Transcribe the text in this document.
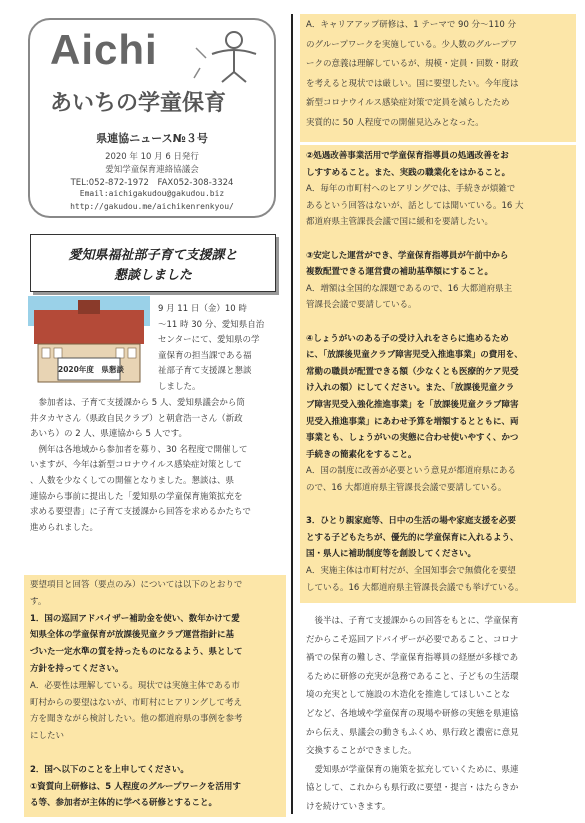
Aichi
あいちの学童保育
県連協ニュース№３号
2020 年 10 月 6 日発行
愛知学童保育連絡協議会
TEL:052-872-1972　FAX052-308-3324
Email:aichigakudou@gakudou.biz
http://gakudou.me/aichikenrenkyou/
愛知県福祉部子育て支援課と
懇談しました
2020年度　県懇談
9 月 11 日（金）10 時
～11 時 30 分、愛知県自治
センターにて、愛知県の学
童保育の担当課である福
祉部子育て支援課と懇談
しました。
　参加者は、子育て支援課から 5 人、愛知県議会から筒
井タカヤさん（県政自民クラブ）と朝倉浩一さん（新政
あいち）の 2 人、県連協から 5 人です。
　例年は各地域から参加者を募り、30 名程度で開催して
いますが、今年は新型コロナウイルス感染症対策として
、人数を少なくしての開催となりました。懇談は、県
連協から事前に提出した「愛知県の学童保育施策拡充を
求める要望書」に子育て支援課から回答を求めるかたちで
進められました。
要望項目と回答（要点のみ）については以下のとおりで
す。
1．国の巡回アドバイザー補助金を使い、数年かけて愛
知県全体の学童保育が放課後児童クラブ運営指針に基
づいた一定水準の質を持ったものになるよう、県として
方針を持ってください。
A．必要性は理解している。現状では実施主体である市
町村からの要望はないが、市町村にヒアリングして考え
方を聞きながら検討したい。他の都道府県の事例を参考
にしたい
2．国へ以下のことを上申してください。
①資質向上研修は、5 人程度のグループワークを活用す
る等、参加者が主体的に学べる研修とすること。
A．キャリアアップ研修は、1 テーマで 90 分～110 分
のグループワークを実施している。少人数のグループワ
ークの意義は理解しているが、規模・定員・回数・財政
を考えると現状では厳しい。国に要望したい。今年度は
新型コロナウイルス感染症対策で定員を減らしたため
実質的に 50 人程度での開催見込みとなった。
②処遇改善事業活用で学童保育指導員の処遇改善をお
しすすめること。また、実践の職業化をはかること。
A．毎年の市町村へのヒアリングでは、手続きが煩雑で
あるという回答はないが、話としては聞いている。16 大
都道府県主管課長会議で国に緩和を要請したい。
③安定した運営ができ、学童保育指導員が午前中から
複数配置できる運営費の補助基準額にすること。
A．増額は全国的な課題であるので、16 大都道府県主
管課長会議で要請している。
④しょうがいのある子の受け入れをさらに進めるため
に、「放課後児童クラブ障害児受入推進事業」の費用を、
常勤の職員が配置できる額（少なくとも医療的ケア児受
け入れの額）にしてください。また、「放課後児童クラ
ブ障害児受入強化推進事業」を「放課後児童クラブ障害
児受入推進事業」にあわせ予算を増額するとともに、両
事業とも、しょうがいの実態に合わせ使いやすく、かつ
手続きの簡素化をすること。
A．国の制度に改善が必要という意見が都道府県にある
ので、16 大都道府県主管課長会議で要請している。
3．ひとり親家庭等、日中の生活の場や家庭支援を必要
とする子どもたちが、優先的に学童保育に入れるよう、
国・県人に補助制度等を創設してください。
A．実施主体は市町村だが、全国知事会で無償化を要望
している。16 大都道府県主管課長会議でも挙げている。
　後半は、子育て支援課からの回答をもとに、学童保育
だからこそ巡回アドバイザーが必要であること、コロナ
禍での保育の難しさ、学童保育指導員の経歴が多様であ
るために研修の充実が急務であること、子どもの生活環
境の充実として施設の木造化を推進してほしいことな
どなど、各地域や学童保育の現場や研修の実態を県連協
から伝え、県議会の動きもふくめ、県行政と濃密に意見
交換することができました。
　愛知県が学童保育の施策を拡充していくために、県連
協として、これからも県行政に要望・提言・はたらきか
けを続けていきます。
